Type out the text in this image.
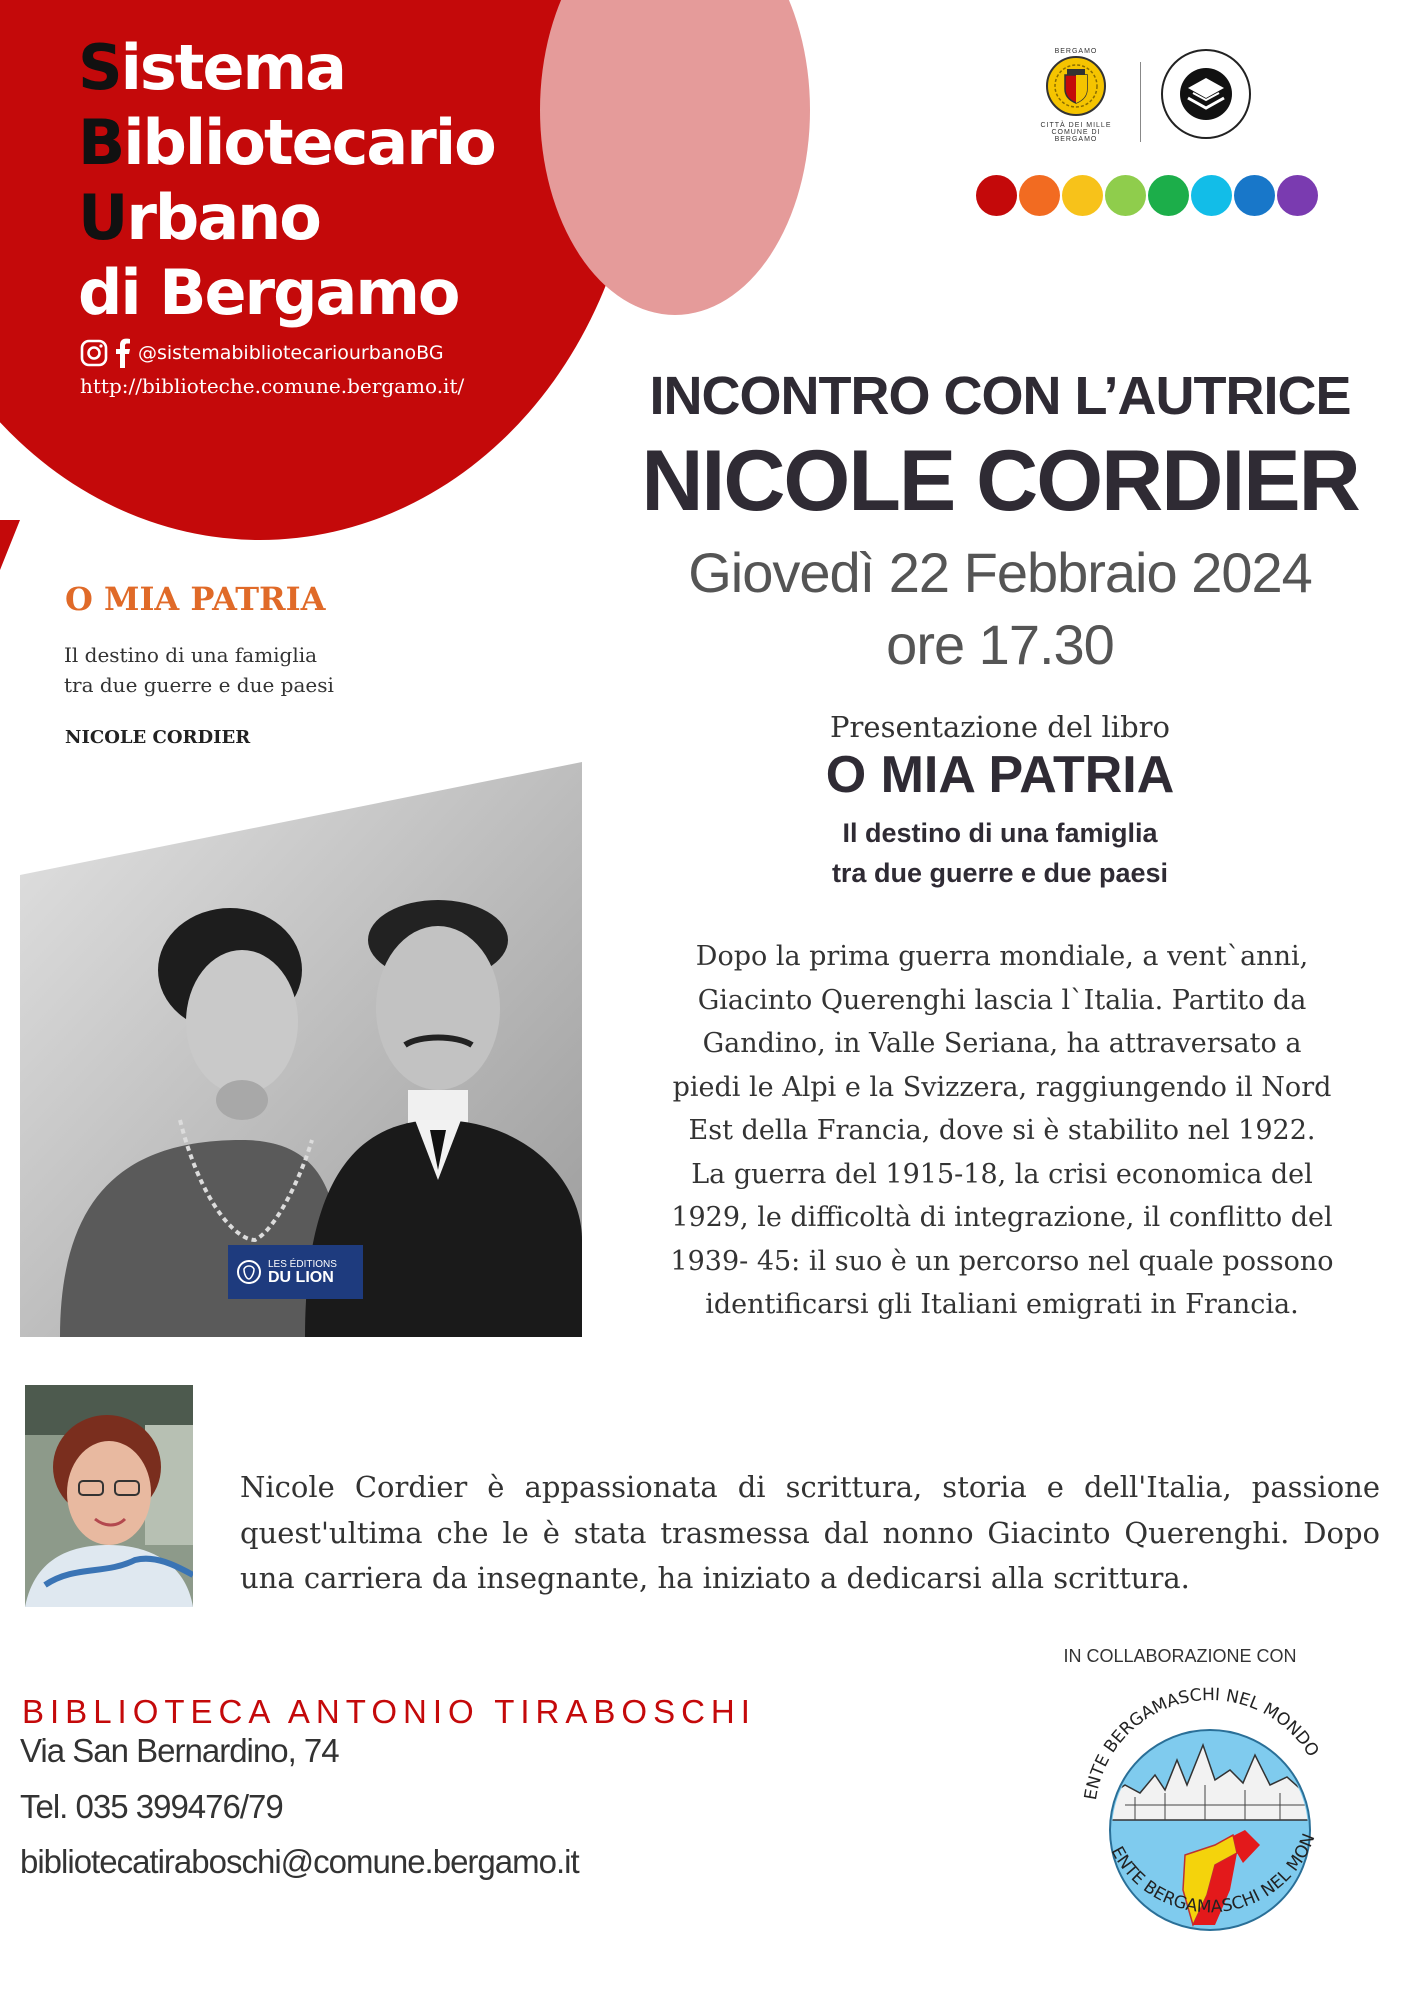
Sistema
Bibliotecario
Urbano
di Bergamo
@sistemabibliotecariourbanoBG
http://biblioteche.comune.bergamo.it/
BERGAMO
CITTÀ DEI MILLE
COMUNE DI BERGAMO
INCONTRO CON L’AUTRICE
NICOLE CORDIER
Giovedì 22 Febbraio 2024
ore 17.30
Presentazione del libro
O MIA PATRIA
Il destino di una famiglia
tra due guerre e due paesi
Dopo la prima guerra mondiale, a vent`anni,
Giacinto Querenghi lascia l`Italia. Partito da
Gandino, in Valle Seriana, ha attraversato a
piedi le Alpi e la Svizzera, raggiungendo il Nord
Est della Francia, dove si è stabilito nel 1922.
La guerra del 1915-18, la crisi economica del
1929, le difficoltà di integrazione, il conflitto del
1939- 45: il suo è un percorso nel quale possono
identificarsi gli Italiani emigrati in Francia.
O MIA PATRIA
Il destino di una famiglia
tra due guerre e due paesi
NICOLE CORDIER
LES ÉDITIONS
DU LION
Nicole Cordier è appassionata di scrittura, storia e dell'Italia, passione quest'ultima che le è stata trasmessa dal nonno Giacinto Querenghi. Dopo una carriera da insegnante, ha iniziato a dedicarsi alla scrittura.
BIBLIOTECA ANTONIO TIRABOSCHI
Via San Bernardino, 74
Tel. 035 399476/79
bibliotecatiraboschi@comune.bergamo.it
IN COLLABORAZIONE CON
ENTE BERGAMASCHI NEL MONDO
ENTE BERGAMASCHI NEL MON
